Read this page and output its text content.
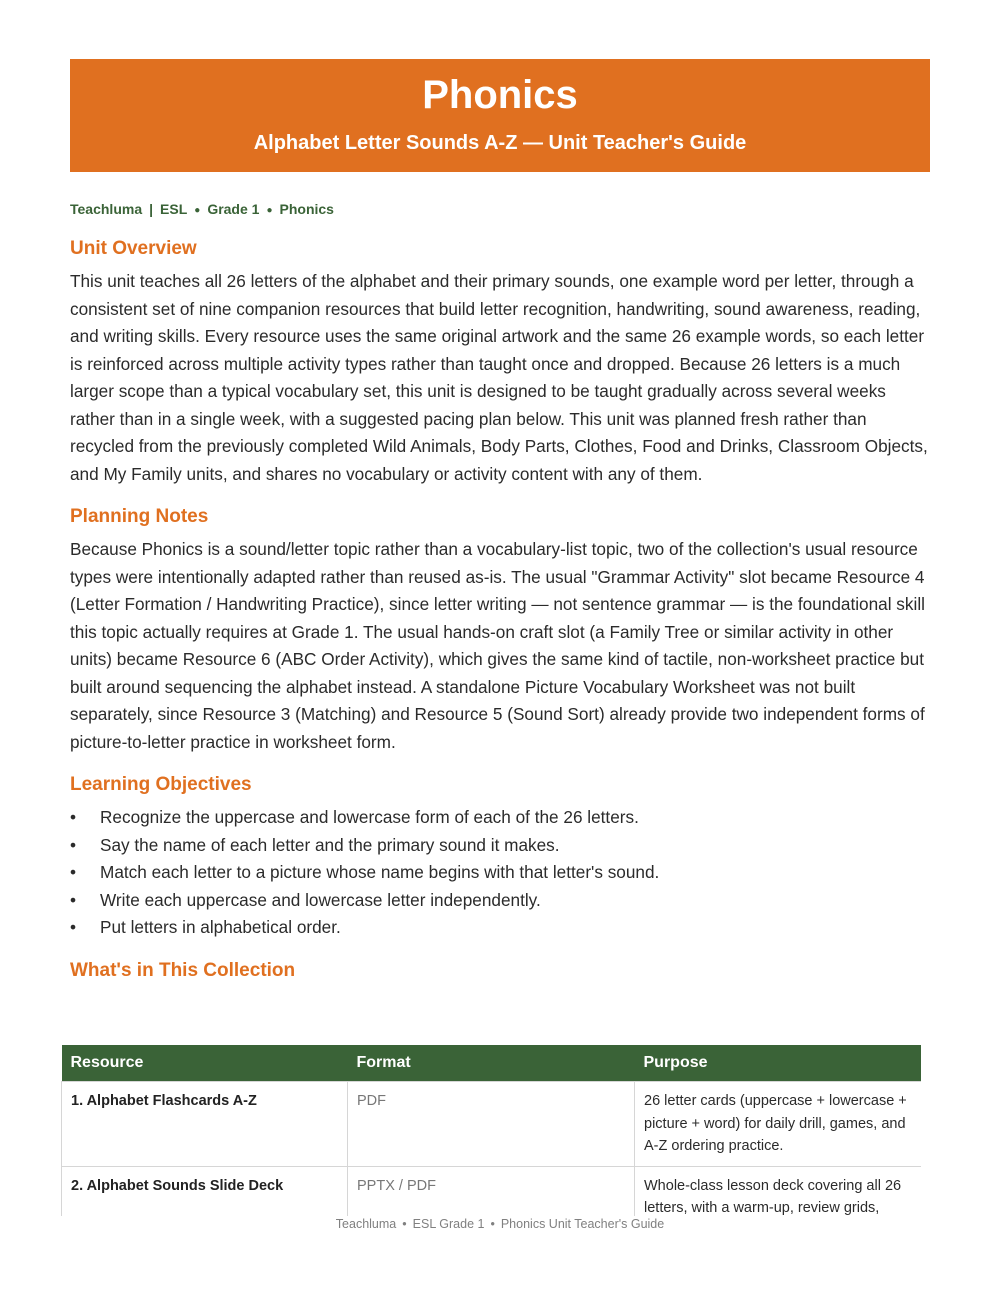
Phonics
Alphabet Letter Sounds A-Z — Unit Teacher's Guide
Teachluma | ESL ● Grade 1 ● Phonics
Unit Overview

This unit teaches all 26 letters of the alphabet and their primary sounds, one example word per letter, through a consistent set of nine companion resources that build letter recognition, handwriting, sound awareness, reading, and writing skills. Every resource uses the same original artwork and the same 26 example words, so each letter is reinforced across multiple activity types rather than taught once and dropped. Because 26 letters is a much larger scope than a typical vocabulary set, this unit is designed to be taught gradually across several weeks rather than in a single week, with a suggested pacing plan below. This unit was planned fresh rather than recycled from the previously completed Wild Animals, Body Parts, Clothes, Food and Drinks, Classroom Objects, and My Family units, and shares no vocabulary or activity content with any of them.

Planning Notes

Because Phonics is a sound/letter topic rather than a vocabulary-list topic, two of the collection's usual resource types were intentionally adapted rather than reused as-is. The usual "Grammar Activity" slot became Resource 4 (Letter Formation / Handwriting Practice), since letter writing — not sentence grammar — is the foundational skill this topic actually requires at Grade 1. The usual hands-on craft slot (a Family Tree or similar activity in other units) became Resource 6 (ABC Order Activity), which gives the same kind of tactile, non-worksheet practice but built around sequencing the alphabet instead. A standalone Picture Vocabulary Worksheet was not built separately, since Resource 3 (Matching) and Resource 5 (Sound Sort) already provide two independent forms of picture-to-letter practice in worksheet form.

Learning Objectives
• Recognize the uppercase and lowercase form of each of the 26 letters.
• Say the name of each letter and the primary sound it makes.
• Match each letter to a picture whose name begins with that letter's sound.
• Write each uppercase and lowercase letter independently.
• Put letters in alphabetical order.
What's in This Collection
Resource	Format	Purpose
1. Alphabet Flashcards A-Z	PDF	26 letter cards (uppercase + lowercase + picture + word) for daily drill, games, and A-Z ordering practice.
2. Alphabet Sounds Slide Deck	PPTX / PDF	Whole-class lesson deck covering all 26 letters, with a warm-up, review grids,
Teachluma • ESL Grade 1 • Phonics Unit Teacher's Guide
